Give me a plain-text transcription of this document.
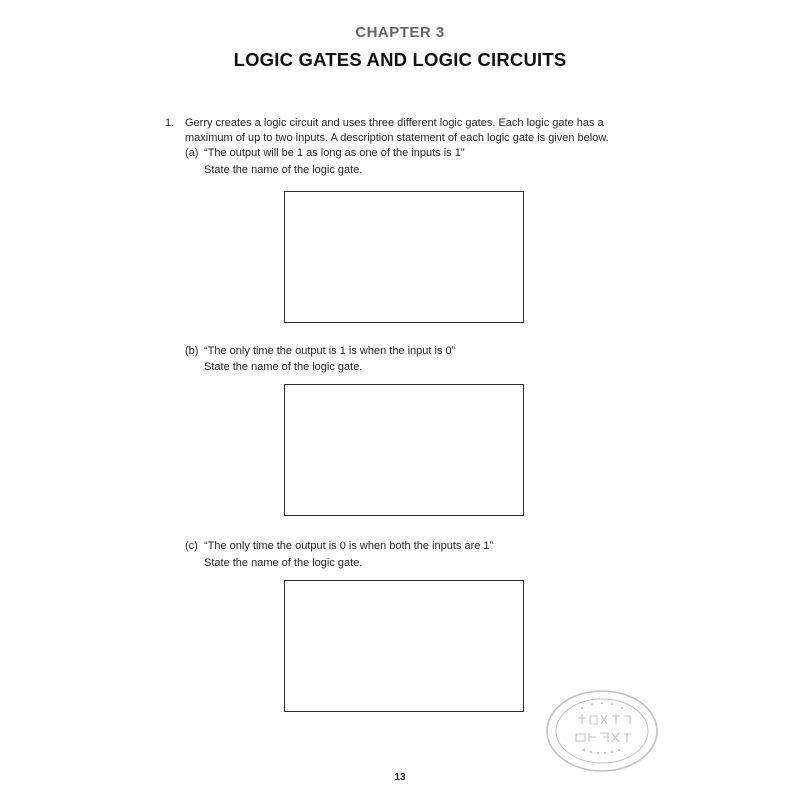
CHAPTER 3
LOGIC GATES AND LOGIC CIRCUITS
1. Gerry creates a logic circuit and uses three different logic gates. Each logic gate has a
maximum of up to two inputs. A description statement of each logic gate is given below.
(a) “The output will be 1 as long as one of the inputs is 1”
State the name of the logic gate.
(b) “The only time the output is 1 is when the input is 0”
State the name of the logic gate.
(c) “The only time the output is 0 is when both the inputs are 1”
State the name of the logic gate.
13
